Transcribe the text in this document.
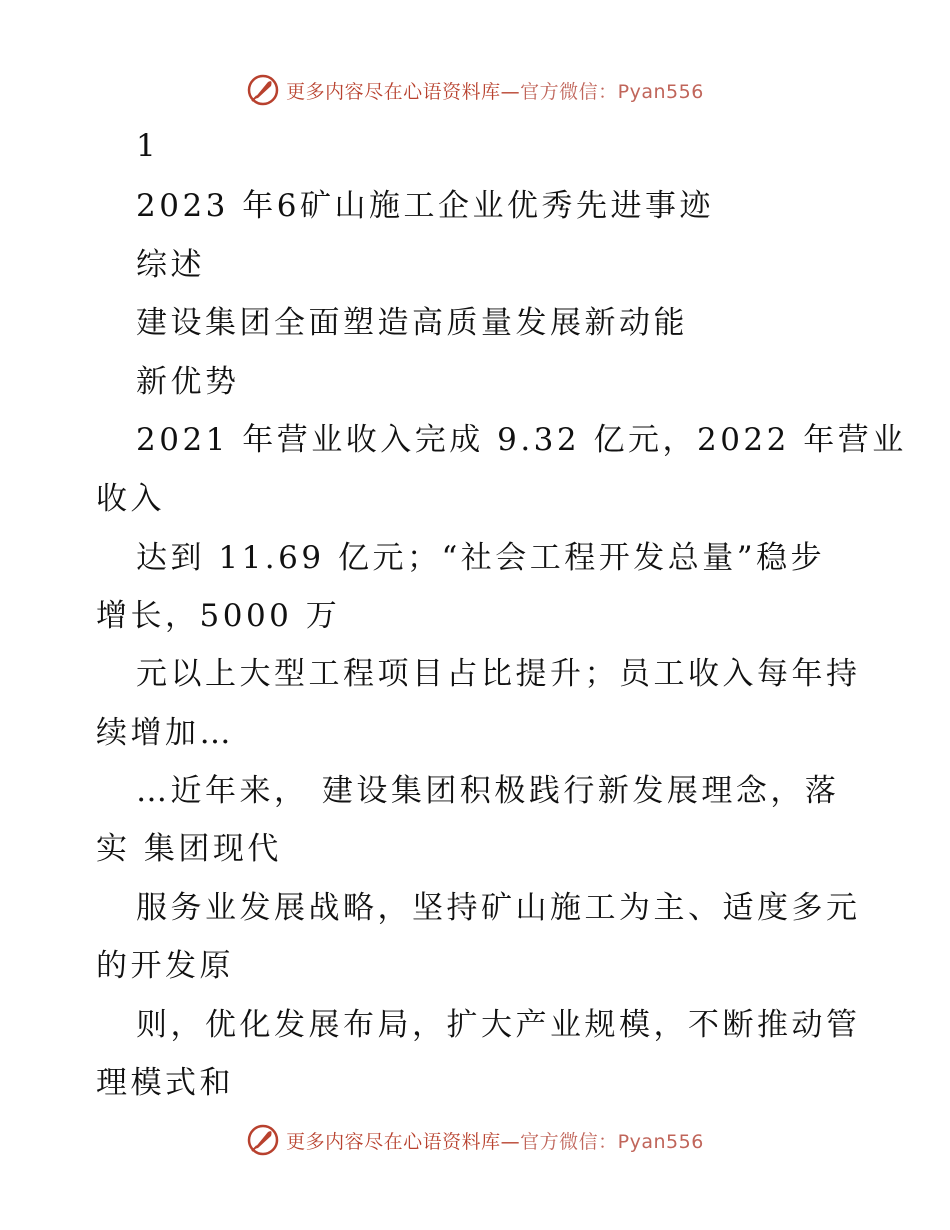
更多内容尽在心语资料库—官方微信：Pyan556
1
2023 年6矿山施工企业优秀先进事迹
综述
建设集团全面塑造高质量发展新动能
新优势
2021 年营业收入完成 9.32 亿元，2022 年营业
收入
达到 11.69 亿元；“社会工程开发总量”稳步
增长，5000 万
元以上大型工程项目占比提升；员工收入每年持
续增加…
…近年来， 建设集团积极践行新发展理念，落
实 集团现代
服务业发展战略，坚持矿山施工为主、适度多元
的开发原
则，优化发展布局，扩大产业规模，不断推动管
理模式和
更多内容尽在心语资料库—官方微信：Pyan556
